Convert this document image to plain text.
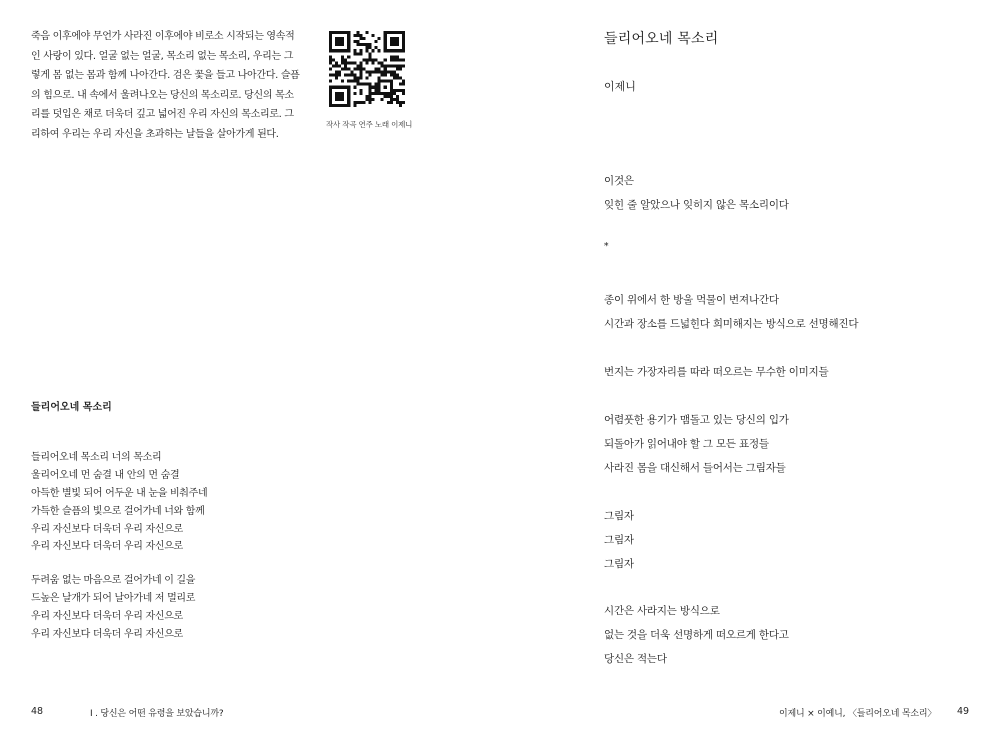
죽음 이후에야 무언가 사라진 이후에야 비로소 시작되는 영속적인 사랑이 있다. 얼굴 없는 얼굴, 목소리 없는 목소리, 우리는 그렇게 몸 없는 몸과 함께 나아간다. 검은 꽃을 들고 나아간다. 슬픔의 힘으로. 내 속에서 울려나오는 당신의 목소리로. 당신의 목소리를 덧입은 채로 더욱더 깊고 넓어진 우리 자신의 목소리로. 그리하여 우리는 우리 자신을 초과하는 날들을 살아가게 된다.

작사 작곡 연주 노래 이제니
들리어오네 목소리
들리어오네 목소리 너의 목소리
울리어오네 먼 숨결 내 안의 먼 숨결
아득한 별빛 되어 어두운 내 눈을 비춰주네
가득한 슬픔의 빛으로 걸어가네 너와 함께
우리 자신보다 더욱더 우리 자신으로
우리 자신보다 더욱더 우리 자신으로
두려움 없는 마음으로 걸어가네 이 길을
드높은 날개가 되어 날아가네 저 멀리로
우리 자신보다 더욱더 우리 자신으로
우리 자신보다 더욱더 우리 자신으로
48	I . 당신은 어떤 유령을 보았습니까?
들리어오네 목소리

이제니

이것은
잊힌 줄 알았으나 잊히지 않은 목소리이다
*
종이 위에서 한 방울 먹물이 번져나간다
시간과 장소를 드넓힌다 희미해지는 방식으로 선명해진다
번지는 가장자리를 따라 떠오르는 무수한 이미지들
어렴풋한 용기가 맴돌고 있는 당신의 입가
되돌아가 읽어내야 할 그 모든 표정들
사라진 몸을 대신해서 들어서는 그림자들
그림자
그림자
그림자
시간은 사라지는 방식으로
없는 것을 더욱 선명하게 떠오르게 한다고
당신은 적는다
이제니 × 이예니, 〈들리어오네 목소리〉 49
